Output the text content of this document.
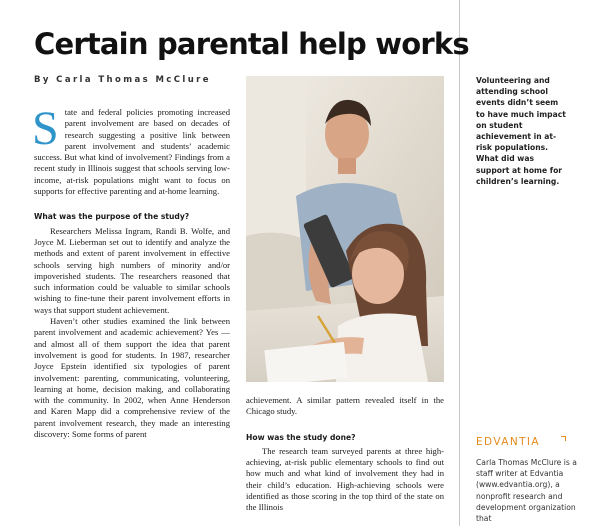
Certain parental help works
By Carla Thomas McClure

State and federal policies promoting increased parent involvement are based on decades of research suggesting a positive link between parent involvement and students’ academic success. But what kind of involvement? Findings from a recent study in Illinois suggest that schools serving low-income, at-risk populations might want to focus on supports for effective parenting and at-home learning.

What was the purpose of the study?

Researchers Melissa Ingram, Randi B. Wolfe, and Joyce M. Lieberman set out to identify and analyze the methods and extent of parent involvement in effective schools serving high numbers of minority and/or impoverished students. The researchers reasoned that such information could be valuable to similar schools wishing to fine-tune their parent involvement efforts in ways that support student achievement.

Haven’t other studies examined the link between parent involvement and academic achievement? Yes — and almost all of them support the idea that parent involvement is good for students. In 1987, researcher Joyce Epstein identified six typologies of parent involvement: parenting, communicating, volunteering, learning at home, decision making, and collaborating with the community. In 2002, when Anne Henderson and Karen Mapp did a comprehensive review of the parent involvement research, they made an interesting discovery: Some forms of parent

achievement. A similar pattern revealed itself in the Chicago study.

How was the study done?

The research team surveyed parents at three high-achieving, at-risk public elementary schools to find out how much and what kind of involvement they had in their child’s education. High-achieving schools were identified as those scoring in the top third of the state on the Illinois

Volunteering and attending school events didn’t seem to have much impact on student achievement in at-risk populations. What did was support at home for children’s learning.
EDVANTIA
Carla Thomas McClure is a staff writer at Edvantia (www.edvantia.org), a nonprofit research and development organization that
